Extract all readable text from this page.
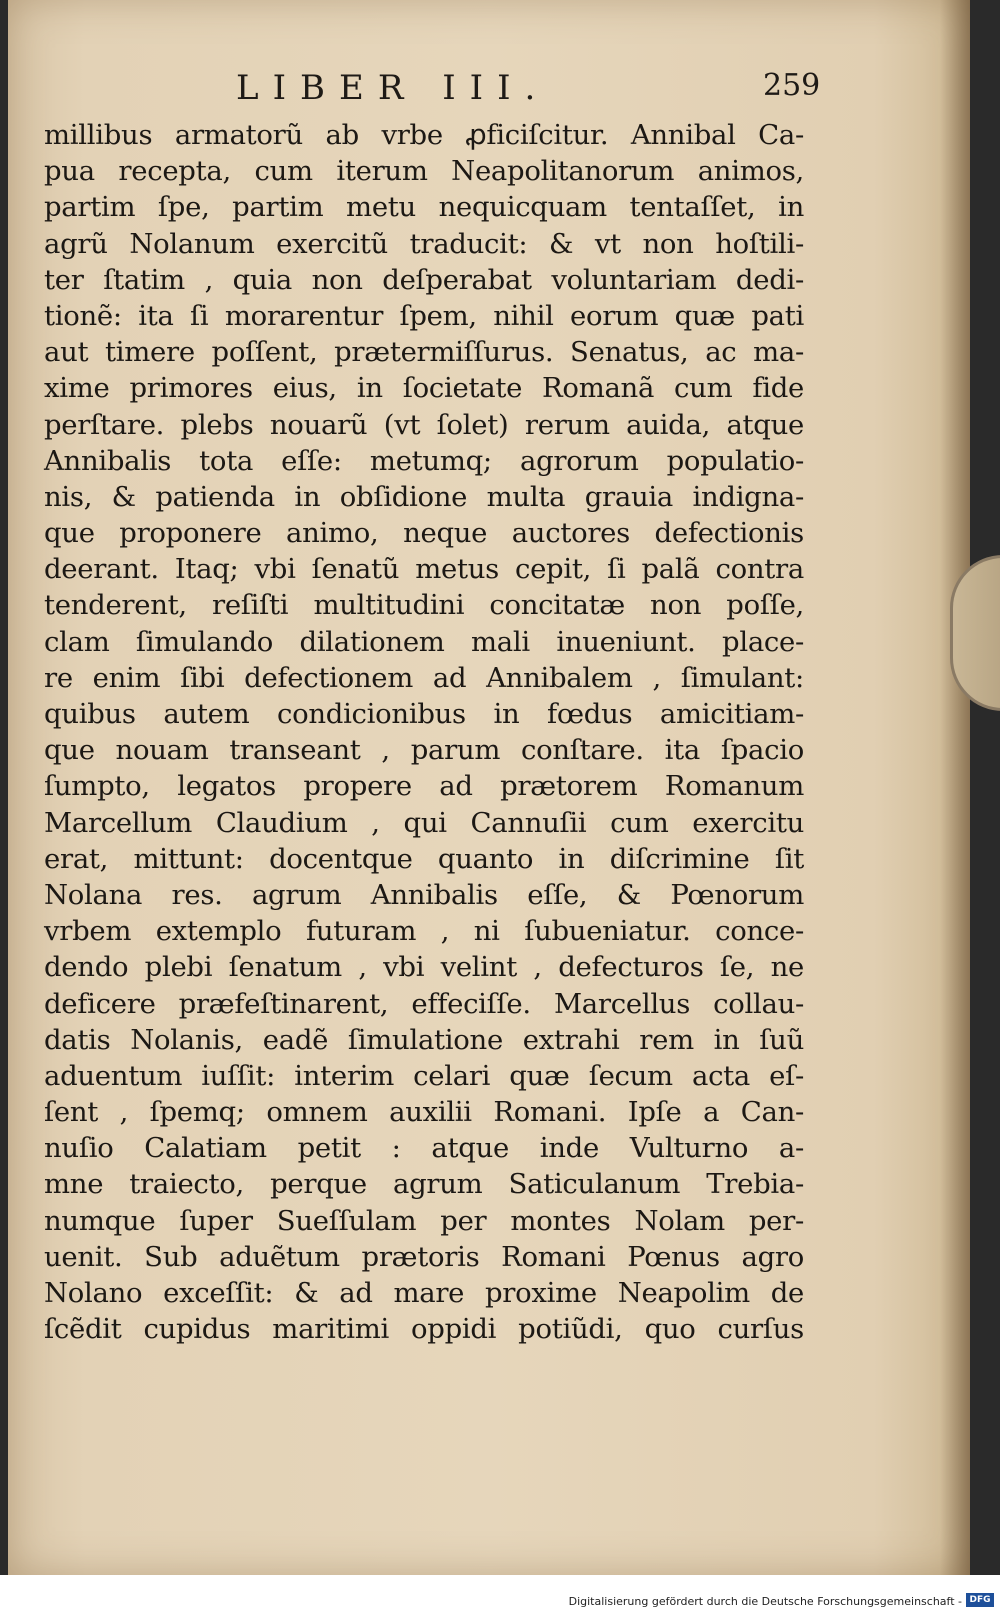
LIBER III.	259
millibus armatorũ ab vrbe ꝓficiſcitur. Annibal Ca-
pua recepta, cum iterum Neapolitanorum animos,
partim ſpe, partim metu nequicquam tentaſſet, in
agrũ Nolanum exercitũ traducit: & vt non hoſtili-
ter ſtatim , quia non deſperabat voluntariam dedi-
tionẽ: ita ſi morarentur ſpem, nihil eorum quæ pati
aut timere poſſent, prætermiſſurus. Senatus, ac ma-
xime primores eius, in ſocietate Romanã cum fide
perſtare. plebs nouarũ (vt ſolet) rerum auida, atque
Annibalis tota eſſe: metumq; agrorum populatio-
nis, & patienda in obſidione multa grauia indigna-
que proponere animo, neque auctores defectionis
deerant. Itaq; vbi ſenatũ metus cepit, ſi palã contra
tenderent, reſiſti multitudini concitatæ non poſſe,
clam ſimulando dilationem mali inueniunt. place-
re enim ſibi defectionem ad Annibalem , ſimulant:
quibus autem condicionibus in fœdus amicitiam-
que nouam transeant , parum conſtare. ita ſpacio
ſumpto, legatos propere ad prætorem Romanum
Marcellum Claudium , qui Cannuſii cum exercitu
erat, mittunt: docentque quanto in diſcrimine ſit
Nolana res. agrum Annibalis eſſe, & Pœnorum
vrbem extemplo futuram , ni ſubueniatur. conce-
dendo plebi ſenatum , vbi velint , defecturos ſe, ne
deficere præfeſtinarent, effeciſſe. Marcellus collau-
datis Nolanis, eadẽ ſimulatione extrahi rem in ſuũ
aduentum iuſſit: interim celari quæ ſecum acta eſ-
ſent , ſpemq; omnem auxilii Romani. Ipſe a Can-
nuſio Calatiam petit : atque inde Vulturno a-
mne traiecto, perque agrum Saticulanum Trebia-
numque ſuper Sueſſulam per montes Nolam per-
uenit. Sub aduẽtum prætoris Romani Pœnus agro
Nolano exceſſit: & ad mare proxime Neapolim de
ſcẽdit cupidus maritimi oppidi potiũdi, quo curſus
Digitalisierung gefördert durch die Deutsche Forschungsgemeinschaft - DFG
